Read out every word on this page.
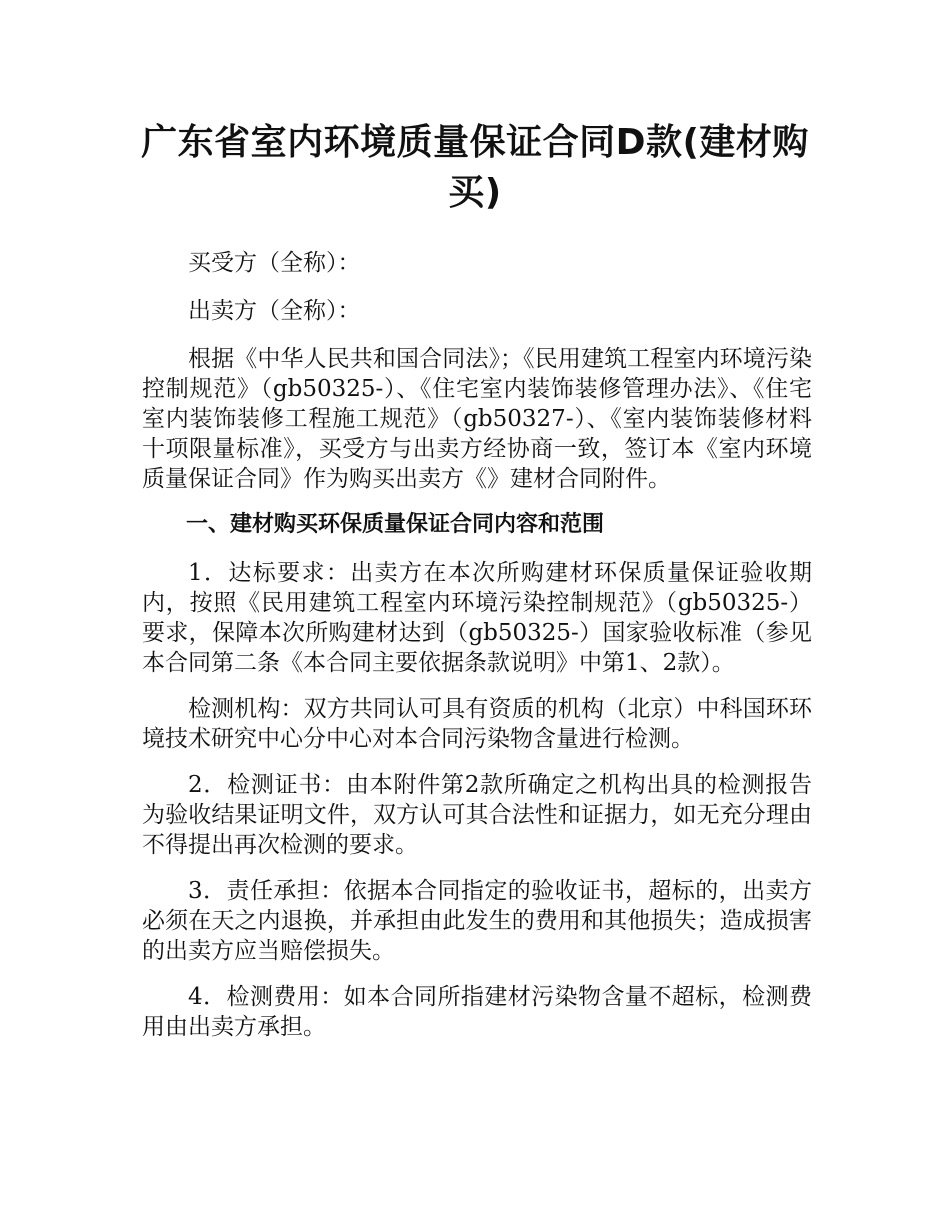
广东省室内环境质量保证合同D款(建材购买)

买受方（全称）：

出卖方（全称）：

根据《中华人民共和国合同法》；《民用建筑工程室内环境污染控制规范》（gb50325-）、《住宅室内装饰装修管理办法》、《住宅室内装饰装修工程施工规范》（gb50327-）、《室内装饰装修材料十项限量标准》，买受方与出卖方经协商一致，签订本《室内环境质量保证合同》作为购买出卖方《》建材合同附件。

一、建材购买环保质量保证合同内容和范围

1．达标要求：出卖方在本次所购建材环保质量保证验收期内，按照《民用建筑工程室内环境污染控制规范》（gb50325-）要求，保障本次所购建材达到（gb50325-）国家验收标准（参见本合同第二条《本合同主要依据条款说明》中第1、2款）。

检测机构：双方共同认可具有资质的机构（北京）中科国环环境技术研究中心分中心对本合同污染物含量进行检测。

2．检测证书：由本附件第2款所确定之机构出具的检测报告为验收结果证明文件，双方认可其合法性和证据力，如无充分理由不得提出再次检测的要求。

3．责任承担：依据本合同指定的验收证书，超标的，出卖方必须在天之内退换，并承担由此发生的费用和其他损失；造成损害的出卖方应当赔偿损失。

4．检测费用：如本合同所指建材污染物含量不超标，检测费用由出卖方承担。
